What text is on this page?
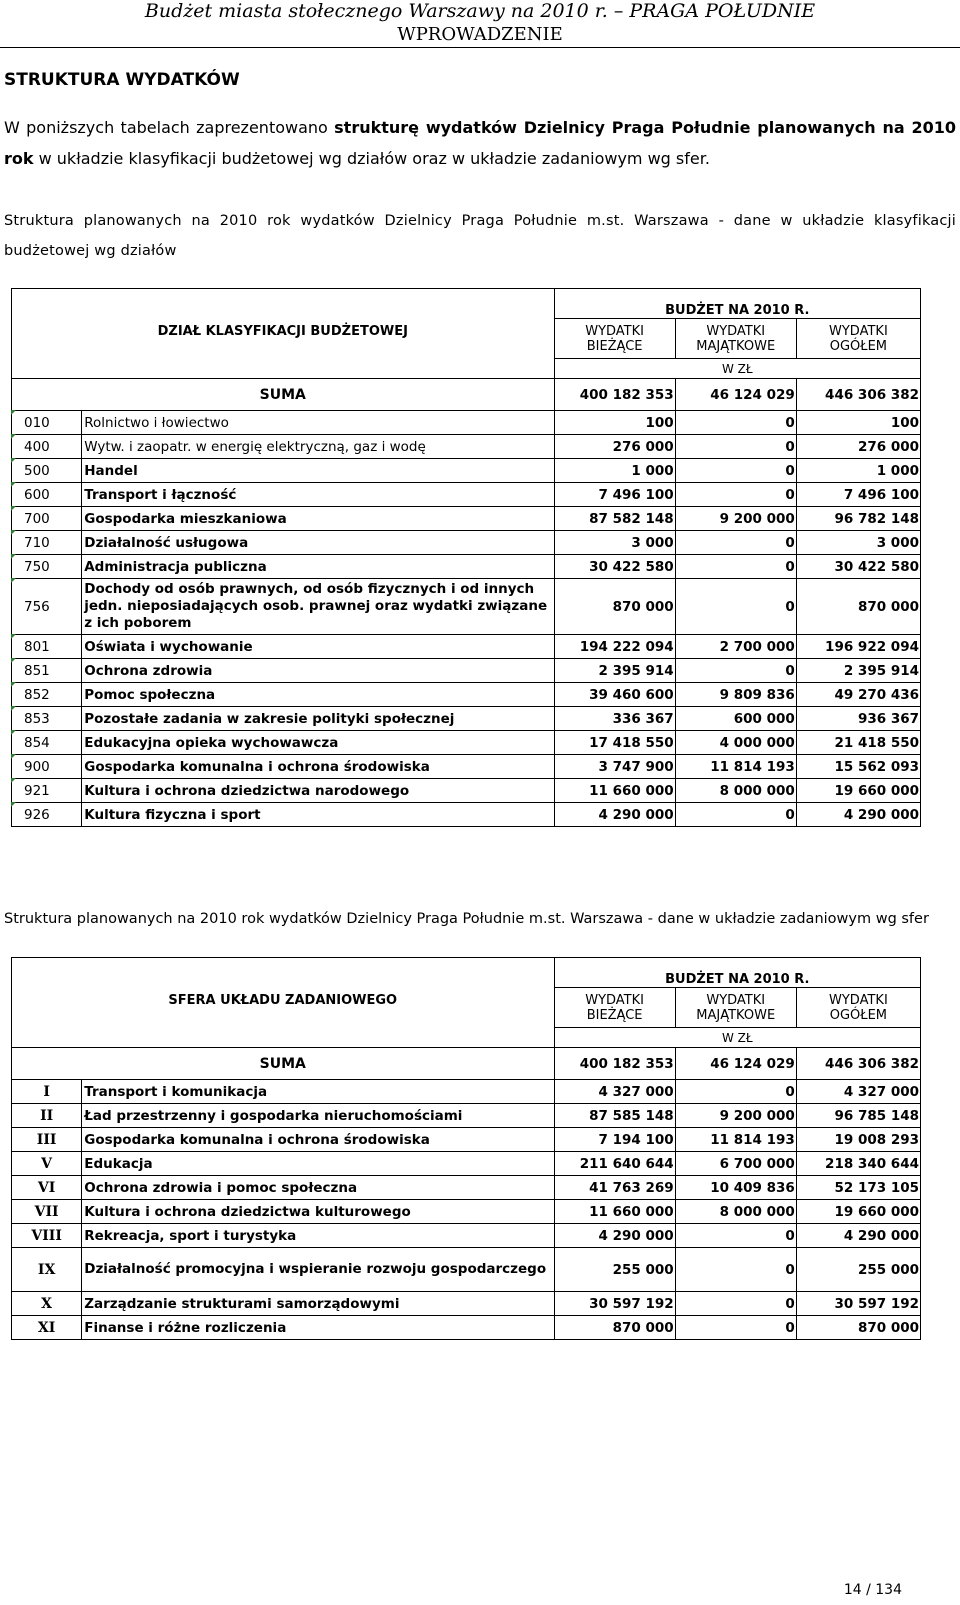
Budżet miasta stołecznego Warszawy na 2010 r. – PRAGA POŁUDNIE
WPROWADZENIE
STRUKTURA WYDATKÓW
W poniższych tabelach zaprezentowano strukturę wydatków Dzielnicy Praga Południe planowanych na 2010 rok w układzie klasyfikacji budżetowej wg działów oraz w układzie zadaniowym wg sfer.
Struktura planowanych na 2010 rok wydatków Dzielnicy Praga Południe m.st. Warszawa - dane w układzie klasyfikacji budżetowej wg działów
DZIAŁ KLASYFIKACJI BUDŻETOWEJ		BUDŻET NA 2010 R.		
		WYDATKI BIEŻĄCE	WYDATKI MAJĄTKOWE	WYDATKI OGÓŁEM
		W ZŁ		
SUMA		400 182 353	46 124 029	446 306 382
010	Rolnictwo i łowiectwo	100	0	100
400	Wytw. i zaopatr. w energię elektryczną, gaz i wodę	276 000	0	276 000
500	Handel	1 000	0	1 000
600	Transport i łączność	7 496 100	0	7 496 100
700	Gospodarka mieszkaniowa	87 582 148	9 200 000	96 782 148
710	Działalność usługowa	3 000	0	3 000
750	Administracja publiczna	30 422 580	0	30 422 580
756	Dochody od osób prawnych, od osób fizycznych i od innych jedn. nieposiadających osob. prawnej oraz wydatki związane z ich poborem	870 000	0	870 000
801	Oświata i wychowanie	194 222 094	2 700 000	196 922 094
851	Ochrona zdrowia	2 395 914	0	2 395 914
852	Pomoc społeczna	39 460 600	9 809 836	49 270 436
853	Pozostałe zadania w zakresie polityki społecznej	336 367	600 000	936 367
854	Edukacyjna opieka wychowawcza	17 418 550	4 000 000	21 418 550
900	Gospodarka komunalna i ochrona środowiska	3 747 900	11 814 193	15 562 093
921	Kultura i ochrona dziedzictwa narodowego	11 660 000	8 000 000	19 660 000
926	Kultura fizyczna i sport	4 290 000	0	4 290 000
Struktura planowanych na 2010 rok wydatków Dzielnicy Praga Południe m.st. Warszawa - dane w układzie zadaniowym wg sfer
SFERA UKŁADU ZADANIOWEGO		BUDŻET NA 2010 R.		
		WYDATKI BIEŻĄCE	WYDATKI MAJĄTKOWE	WYDATKI OGÓŁEM
		W ZŁ		
SUMA		400 182 353	46 124 029	446 306 382
I	Transport i komunikacja	4 327 000	0	4 327 000
II	Ład przestrzenny i gospodarka nieruchomościami	87 585 148	9 200 000	96 785 148
III	Gospodarka komunalna i ochrona środowiska	7 194 100	11 814 193	19 008 293
V	Edukacja	211 640 644	6 700 000	218 340 644
VI	Ochrona zdrowia i pomoc społeczna	41 763 269	10 409 836	52 173 105
VII	Kultura i ochrona dziedzictwa kulturowego	11 660 000	8 000 000	19 660 000
VIII	Rekreacja, sport i turystyka	4 290 000	0	4 290 000
IX	Działalność promocyjna i wspieranie rozwoju gospodarczego	255 000	0	255 000
X	Zarządzanie strukturami samorządowymi	30 597 192	0	30 597 192
XI	Finanse i różne rozliczenia	870 000	0	870 000
14 / 134
